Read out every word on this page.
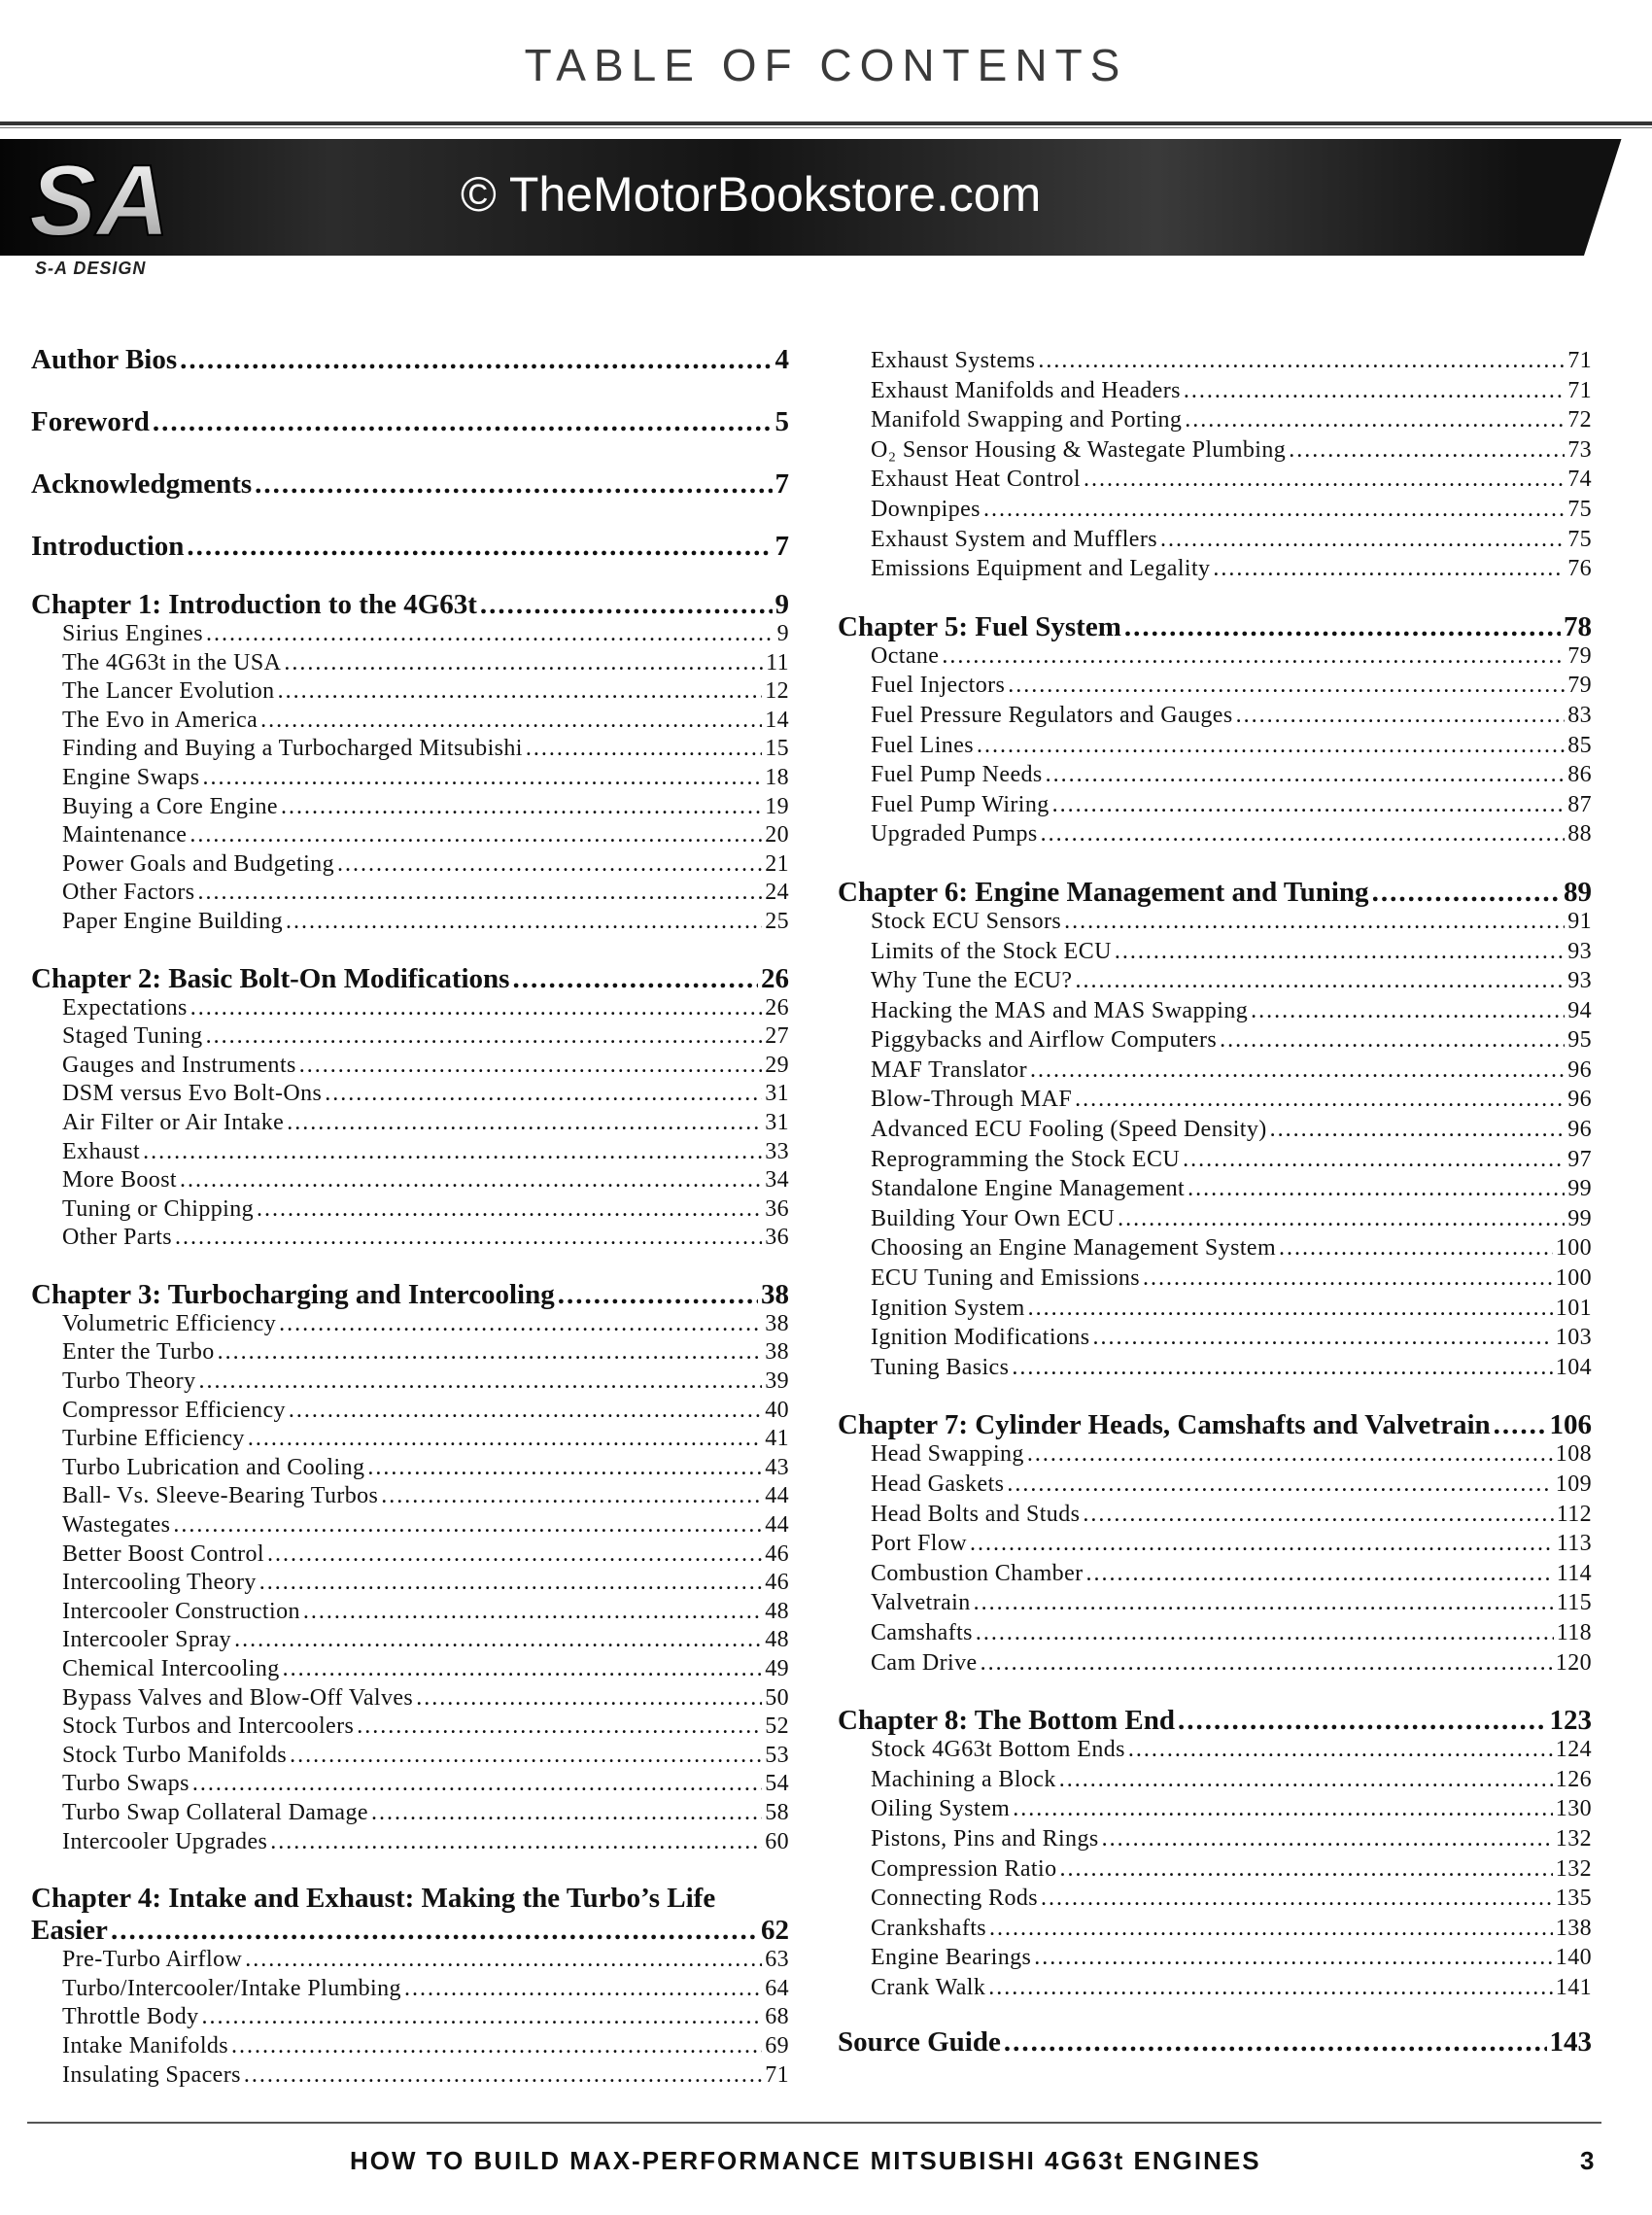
TABLE OF CONTENTS
© TheMotorBookstore.com
SA
S-A DESIGN
Author Bios .....	4
Foreword .....	5
Acknowledgments .....	7
Introduction .....	7
Chapter 1: Introduction to the 4G63t .....	9
Sirius Engines .....	9
The 4G63t in the USA .....	11
The Lancer Evolution .....	12
The Evo in America .....	14
Finding and Buying a Turbocharged Mitsubishi .....	15
Engine Swaps .....	18
Buying a Core Engine .....	19
Maintenance .....	20
Power Goals and Budgeting .....	21
Other Factors .....	24
Paper Engine Building .....	25
Chapter 2: Basic Bolt-On Modifications .....	26
Expectations .....	26
Staged Tuning .....	27
Gauges and Instruments .....	29
DSM versus Evo Bolt-Ons .....	31
Air Filter or Air Intake .....	31
Exhaust .....	33
More Boost .....	34
Tuning or Chipping .....	36
Other Parts .....	36
Chapter 3: Turbocharging and Intercooling .....	38
Volumetric Efficiency .....	38
Enter the Turbo .....	38
Turbo Theory .....	39
Compressor Efficiency .....	40
Turbine Efficiency .....	41
Turbo Lubrication and Cooling .....	43
Ball- Vs. Sleeve-Bearing Turbos .....	44
Wastegates .....	44
Better Boost Control .....	46
Intercooling Theory .....	46
Intercooler Construction .....	48
Intercooler Spray .....	48
Chemical Intercooling .....	49
Bypass Valves and Blow-Off Valves .....	50
Stock Turbos and Intercoolers .....	52
Stock Turbo Manifolds .....	53
Turbo Swaps .....	54
Turbo Swap Collateral Damage .....	58
Intercooler Upgrades .....	60
Chapter 4: Intake and Exhaust: Making the Turbo’s Life
Easier .....	62
Pre-Turbo Airflow .....	63
Turbo/Intercooler/Intake Plumbing .....	64
Throttle Body .....	68
Intake Manifolds .....	69
Insulating Spacers .....	71
Exhaust Systems .....	71
Exhaust Manifolds and Headers .....	71
Manifold Swapping and Porting .....	72
O₂ Sensor Housing & Wastegate Plumbing .....	73
Exhaust Heat Control .....	74
Downpipes .....	75
Exhaust System and Mufflers .....	75
Emissions Equipment and Legality .....	76
Chapter 5: Fuel System .....	78
Octane .....	79
Fuel Injectors .....	79
Fuel Pressure Regulators and Gauges .....	83
Fuel Lines .....	85
Fuel Pump Needs .....	86
Fuel Pump Wiring .....	87
Upgraded Pumps .....	88
Chapter 6: Engine Management and Tuning .....	89
Stock ECU Sensors .....	91
Limits of the Stock ECU .....	93
Why Tune the ECU? .....	93
Hacking the MAS and MAS Swapping .....	94
Piggybacks and Airflow Computers .....	95
MAF Translator .....	96
Blow-Through MAF .....	96
Advanced ECU Fooling (Speed Density) .....	96
Reprogramming the Stock ECU .....	97
Standalone Engine Management .....	99
Building Your Own ECU .....	99
Choosing an Engine Management System .....	100
ECU Tuning and Emissions .....	100
Ignition System .....	101
Ignition Modifications .....	103
Tuning Basics .....	104
Chapter 7: Cylinder Heads, Camshafts and Valvetrain ..... 106
Head Swapping .....	108
Head Gaskets .....	109
Head Bolts and Studs .....	112
Port Flow .....	113
Combustion Chamber .....	114
Valvetrain .....	115
Camshafts .....	118
Cam Drive .....	120
Chapter 8: The Bottom End .....	123
Stock 4G63t Bottom Ends .....	124
Machining a Block .....	126
Oiling System .....	130
Pistons, Pins and Rings .....	132
Compression Ratio .....	132
Connecting Rods .....	135
Crankshafts .....	138
Engine Bearings .....	140
Crank Walk .....	141
Source Guide .....	143
HOW TO BUILD MAX-PERFORMANCE MITSUBISHI 4G63t ENGINES	3
